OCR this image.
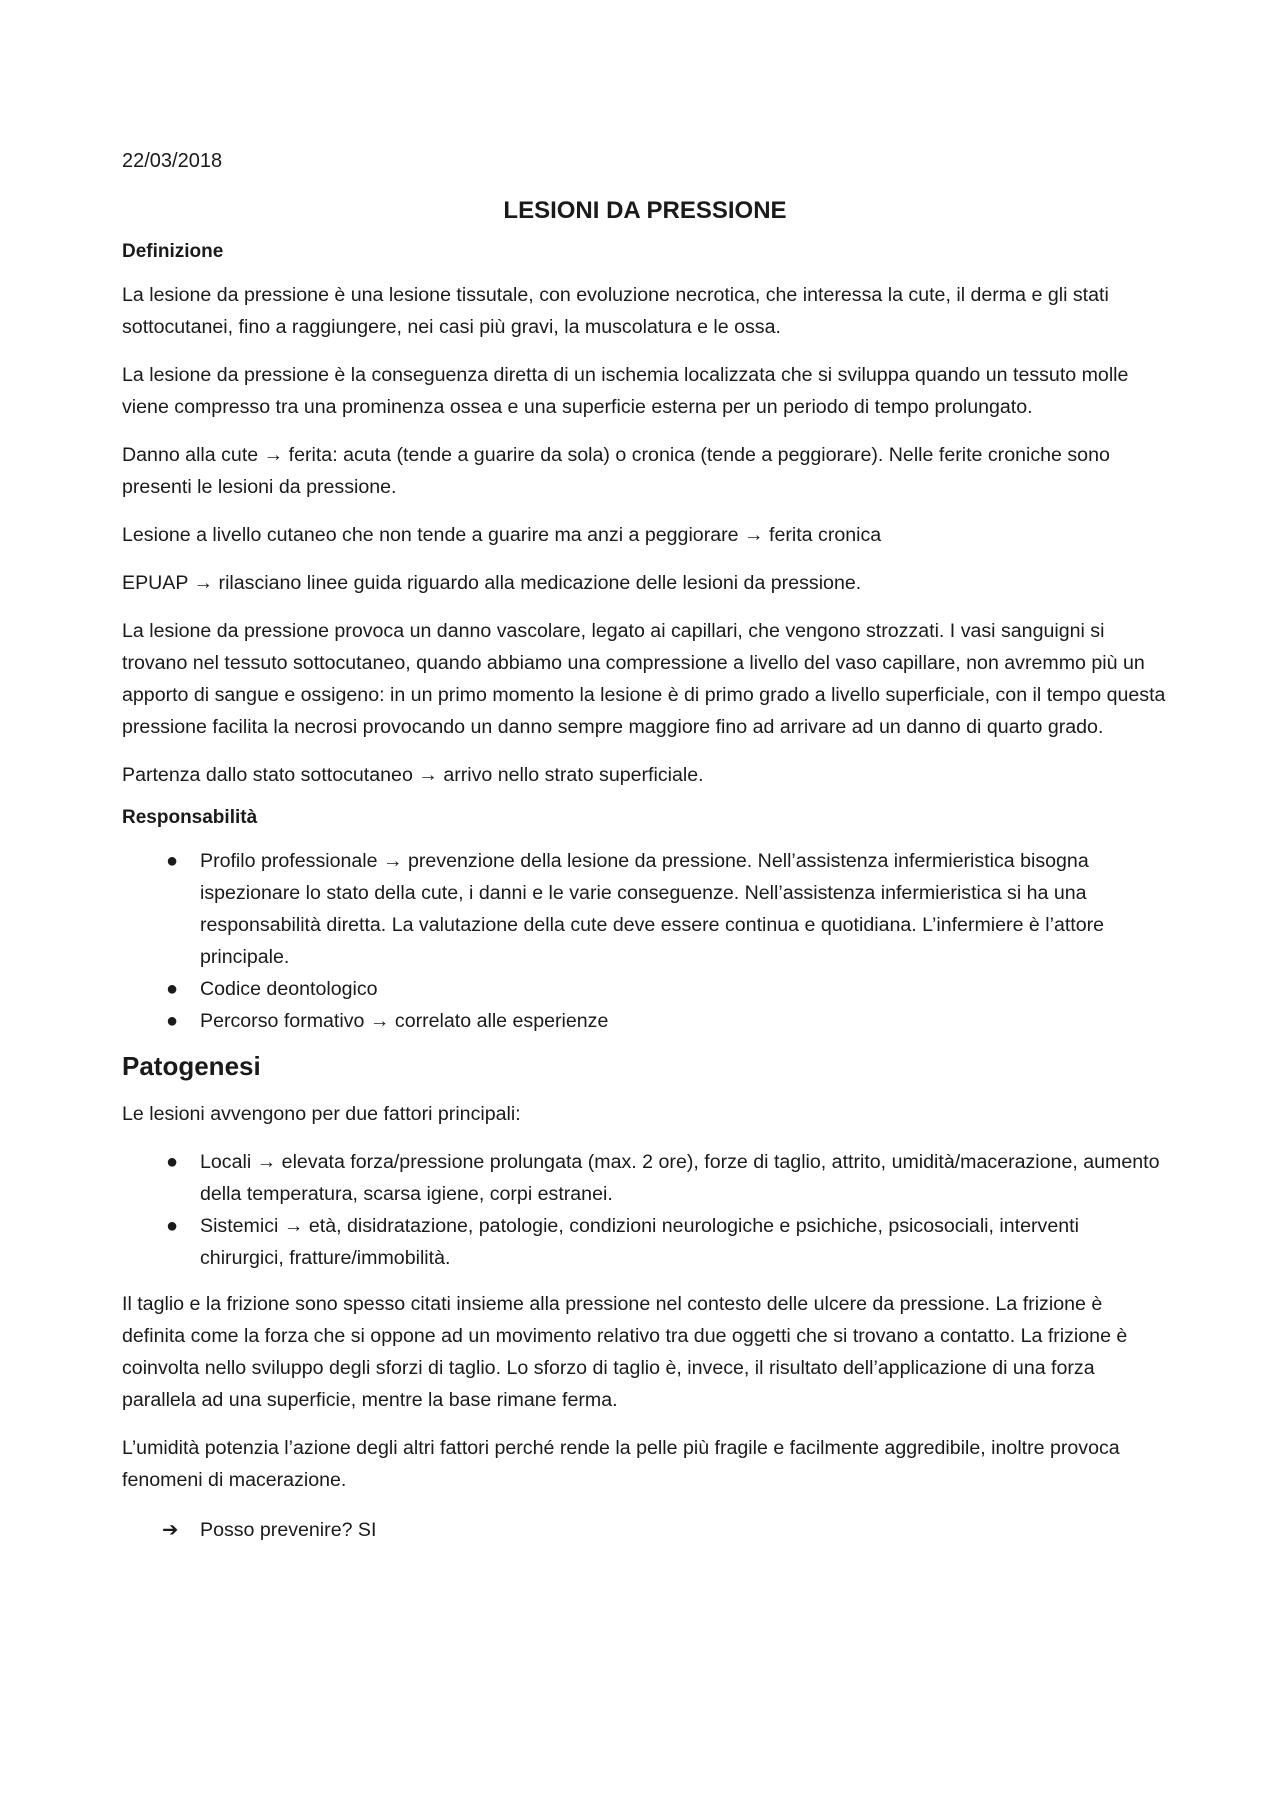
22/03/2018

LESIONI DA PRESSIONE

Definizione

La lesione da pressione è una lesione tissutale, con evoluzione necrotica, che interessa la cute, il derma e gli stati sottocutanei, fino a raggiungere, nei casi più gravi, la muscolatura e le ossa.

La lesione da pressione è la conseguenza diretta di un ischemia localizzata che si sviluppa quando un tessuto molle viene compresso tra una prominenza ossea e una superficie esterna per un periodo di tempo prolungato.

Danno alla cute → ferita: acuta (tende a guarire da sola) o cronica (tende a peggiorare). Nelle ferite croniche sono presenti le lesioni da pressione.

Lesione a livello cutaneo che non tende a guarire ma anzi a peggiorare → ferita cronica

EPUAP → rilasciano linee guida riguardo alla medicazione delle lesioni da pressione.

La lesione da pressione provoca un danno vascolare, legato ai capillari, che vengono strozzati. I vasi sanguigni si trovano nel tessuto sottocutaneo, quando abbiamo una compressione a livello del vaso capillare, non avremmo più un apporto di sangue e ossigeno: in un primo momento la lesione è di primo grado a livello superficiale, con il tempo questa pressione facilita la necrosi provocando un danno sempre maggiore fino ad arrivare ad un danno di quarto grado.

Partenza dallo stato sottocutaneo → arrivo nello strato superficiale.

Responsabilità

● Profilo professionale → prevenzione della lesione da pressione. Nell’assistenza infermieristica bisogna ispezionare lo stato della cute, i danni e le varie conseguenze. Nell’assistenza infermieristica si ha una responsabilità diretta. La valutazione della cute deve essere continua e quotidiana. L’infermiere è l’attore principale.
● Codice deontologico
● Percorso formativo → correlato alle esperienze
Patogenesi

Le lesioni avvengono per due fattori principali:

● Locali → elevata forza/pressione prolungata (max. 2 ore), forze di taglio, attrito, umidità/macerazione, aumento della temperatura, scarsa igiene, corpi estranei.
● Sistemici → età, disidratazione, patologie, condizioni neurologiche e psichiche, psicosociali, interventi chirurgici, fratture/immobilità.

Il taglio e la frizione sono spesso citati insieme alla pressione nel contesto delle ulcere da pressione. La frizione è definita come la forza che si oppone ad un movimento relativo tra due oggetti che si trovano a contatto. La frizione è coinvolta nello sviluppo degli sforzi di taglio. Lo sforzo di taglio è, invece, il risultato dell’applicazione di una forza parallela ad una superficie, mentre la base rimane ferma.

L’umidità potenzia l’azione degli altri fattori perché rende la pelle più fragile e facilmente aggredibile, inoltre provoca fenomeni di macerazione.

➔ Posso prevenire? SI
